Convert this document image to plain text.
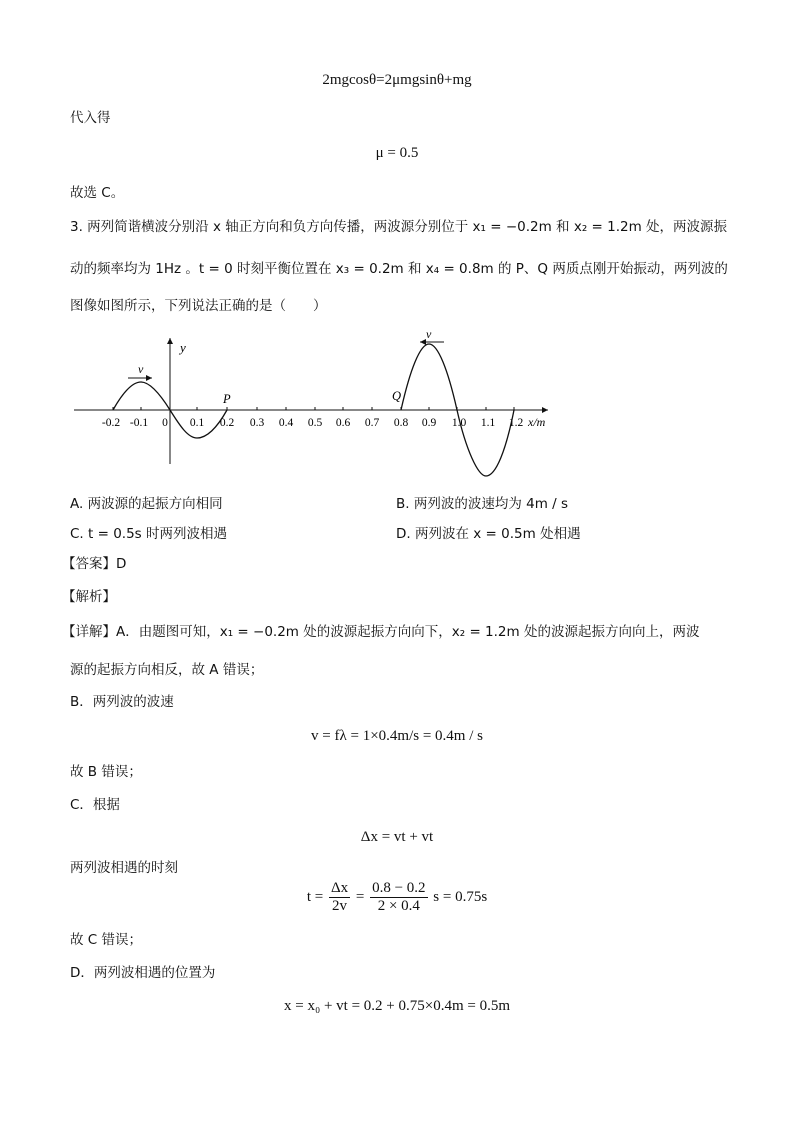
2mgcosθ=2μmgsinθ+mg
代入得
μ = 0.5
故选 C。
3. 两列简谐横波分别沿 x 轴正方向和负方向传播，两波源分别位于 x₁ = −0.2m 和 x₂ = 1.2m 处，两波源振
动的频率均为 1Hz 。t = 0 时刻平衡位置在 x₃ = 0.2m 和 x₄ = 0.8m 的 P、Q 两质点刚开始振动，两列波的
图像如图所示，下列说法正确的是（　　）
y
x/m
-0.2 -0.1 0 0.1 0.2 0.3 0.4 0.5 0.6 0.7 0.8 0.9 1.0 1.1 1.2
v
v
P	Q
A. 两波源的起振方向相同	B. 两列波的波速均为 4m / s
C. t = 0.5s 时两列波相遇	D. 两列波在 x = 0.5m 处相遇
【答案】D
【解析】
【详解】A．由题图可知，x₁ = −0.2m 处的波源起振方向向下，x₂ = 1.2m 处的波源起振方向向上，两波
源的起振方向相反，故 A 错误；
B．两列波的波速
v = fλ = 1×0.4m/s = 0.4m / s
故 B 错误；
C．根据
Δx = vt + vt
两列波相遇的时刻
$t = \frac{\Delta x}{2v} = \frac{0.8 - 0.2}{2 \times 0.4}$ s = 0.75s
故 C 错误；
D．两列波相遇的位置为
x = x₀ + vt = 0.2 + 0.75×0.4m = 0.5m
